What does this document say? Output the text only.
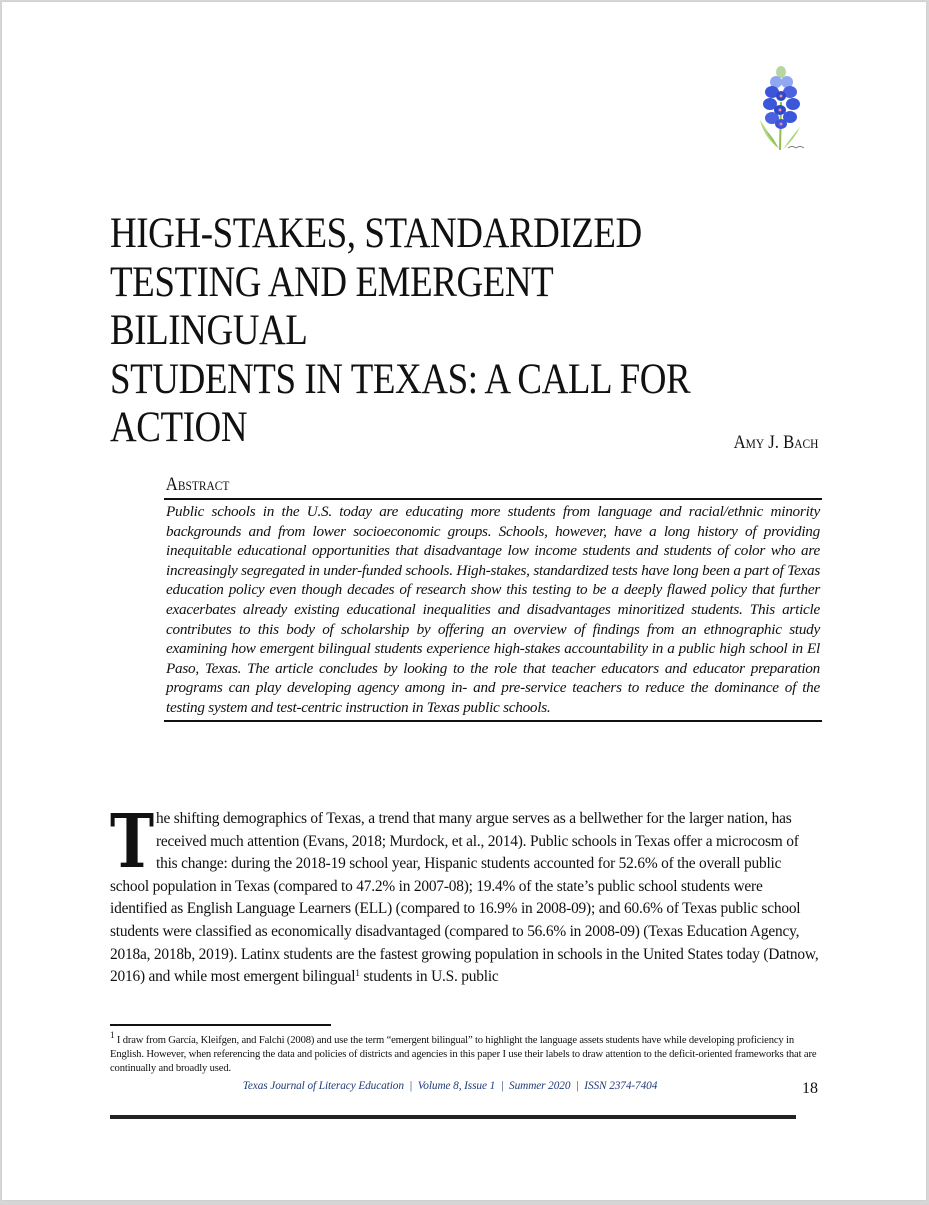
HIGH-STAKES, STANDARDIZED
TESTING AND EMERGENT BILINGUAL
STUDENTS IN TEXAS: A CALL FOR
ACTION	Amy J. Bach
Abstract
Public schools in the U.S. today are educating more students from language and racial/ethnic minority backgrounds and from lower socioeconomic groups. Schools, however, have a long history of providing inequitable educational opportunities that disadvantage low income students and students of color who are increasingly segregated in under-funded schools. High-stakes, standardized tests have long been a part of Texas education policy even though decades of research show this testing to be a deeply flawed policy that further exacerbates already existing educational inequalities and disadvantages minoritized students. This article contributes to this body of scholarship by offering an overview of findings from an ethnographic study examining how emergent bilingual students experience high-stakes accountability in a public high school in El Paso, Texas. The article concludes by looking to the role that teacher educators and educator preparation programs can play developing agency among in- and pre-service teachers to reduce the dominance of the testing system and test-centric instruction in Texas public schools.
The shifting demographics of Texas, a trend that many argue serves as a bellwether for the larger nation, has received much attention (Evans, 2018; Murdock, et al., 2014). Public schools in Texas offer a microcosm of this change: during the 2018-19 school year, Hispanic students accounted for 52.6% of the overall public school population in Texas (compared to 47.2% in 2007-08); 19.4% of the state’s public school students were identified as English Language Learners (ELL) (compared to 16.9% in 2008-09); and 60.6% of Texas public school students were classified as economically disadvantaged (compared to 56.6% in 2008-09) (Texas Education Agency, 2018a, 2018b, 2019). Latinx students are the fastest growing population in schools in the United States today (Datnow, 2016) and while most emergent bilingual$^1$ students in U.S. public
$^1$ I draw from García, Kleifgen, and Falchi (2008) and use the term “emergent bilingual” to highlight the language assets students have while developing proficiency in English. However, when referencing the data and policies of districts and agencies in this paper I use their labels to draw attention to the deficit-oriented frameworks that are continually and broadly used.
Texas Journal of Literacy Education  |  Volume 8, Issue 1  |  Summer 2020  |  ISSN 2374-7404	18
